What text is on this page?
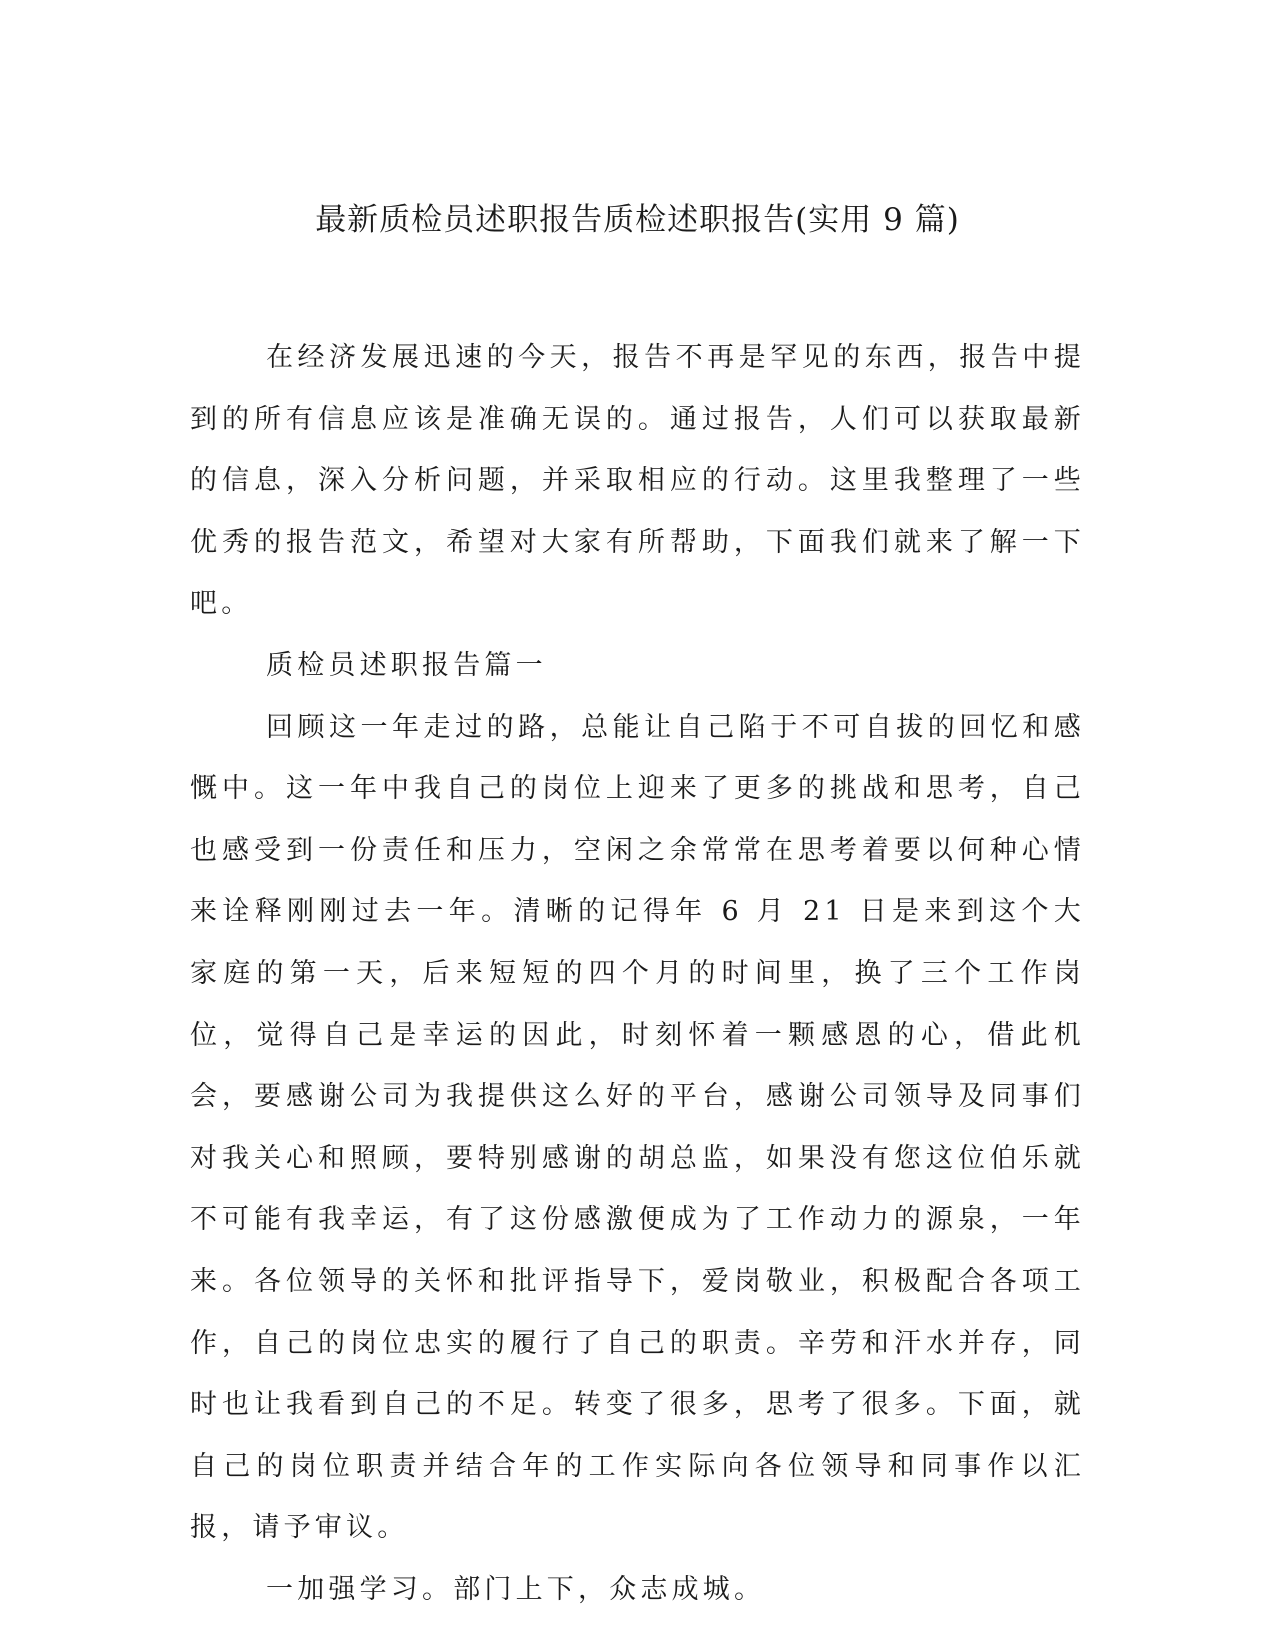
最新质检员述职报告质检述职报告(实用 9 篇)

在经济发展迅速的今天，报告不再是罕见的东西，报告中提到的所有信息应该是准确无误的。通过报告，人们可以获取最新的信息，深入分析问题，并采取相应的行动。这里我整理了一些优秀的报告范文，希望对大家有所帮助，下面我们就来了解一下吧。

质检员述职报告篇一

回顾这一年走过的路，总能让自己陷于不可自拔的回忆和感慨中。这一年中我自己的岗位上迎来了更多的挑战和思考，自己也感受到一份责任和压力，空闲之余常常在思考着要以何种心情来诠释刚刚过去一年。清晰的记得年 6 月 21 日是来到这个大家庭的第一天，后来短短的四个月的时间里，换了三个工作岗位，觉得自己是幸运的因此，时刻怀着一颗感恩的心，借此机会，要感谢公司为我提供这么好的平台，感谢公司领导及同事们对我关心和照顾，要特别感谢的胡总监，如果没有您这位伯乐就不可能有我幸运，有了这份感激便成为了工作动力的源泉，一年来。各位领导的关怀和批评指导下，爱岗敬业，积极配合各项工作，自己的岗位忠实的履行了自己的职责。辛劳和汗水并存，同时也让我看到自己的不足。转变了很多，思考了很多。下面，就自己的岗位职责并结合年的工作实际向各位领导和同事作以汇报，请予审议。

一加强学习。部门上下，众志成城。
